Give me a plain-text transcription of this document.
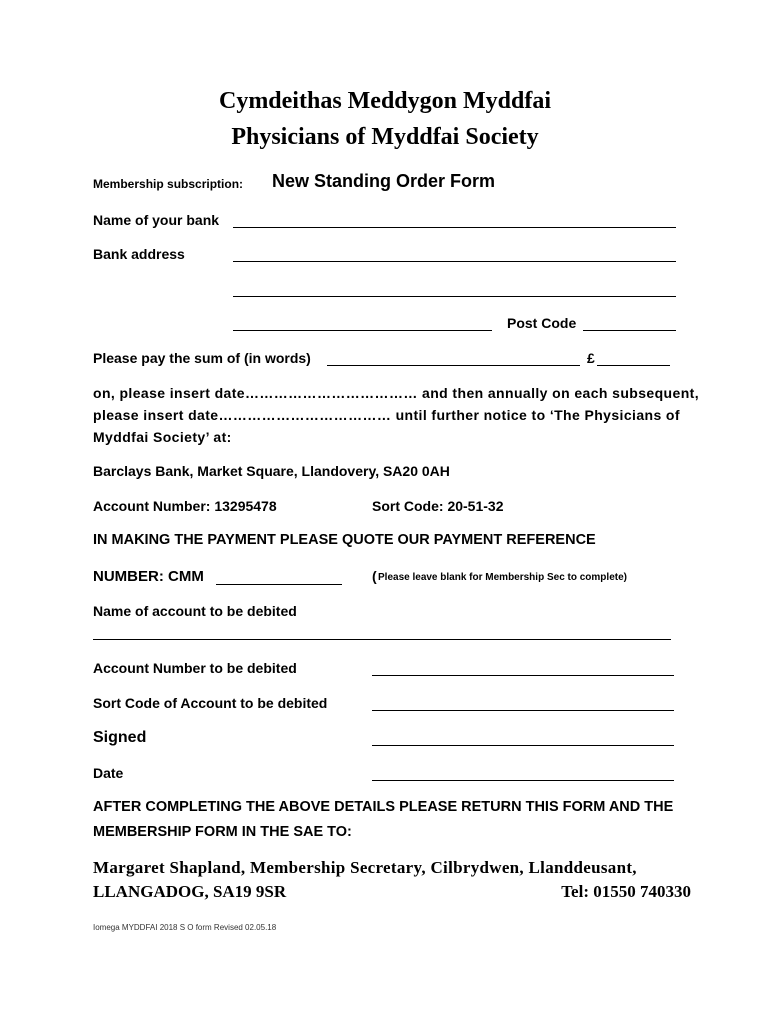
Cymdeithas Meddygon Myddfai
Physicians of Myddfai Society
Membership subscription: New Standing Order Form
Name of your bank
Bank address
Post Code
Please pay the sum of (in words)	£
on, please insert date……………………………… and then annually on each subsequent,
please insert date……………………………… until further notice to ‘The Physicians of
Myddfai Society’ at:
Barclays Bank, Market Square, Llandovery, SA20 0AH
Account Number: 13295478	Sort Code: 20-51-32
IN MAKING THE PAYMENT PLEASE QUOTE OUR PAYMENT REFERENCE
NUMBER: CMM	( Please leave blank for Membership Sec to complete)
Name of account to be debited
Account Number to be debited
Sort Code of Account to be debited
Signed
Date
AFTER COMPLETING THE ABOVE DETAILS PLEASE RETURN THIS FORM AND THE
MEMBERSHIP FORM IN THE SAE TO:
Margaret Shapland, Membership Secretary, Cilbrydwen, Llanddeusant,
LLANGADOG, SA19 9SR	Tel: 01550 740330
Iomega MYDDFAI 2018 S O form Revised 02.05.18
